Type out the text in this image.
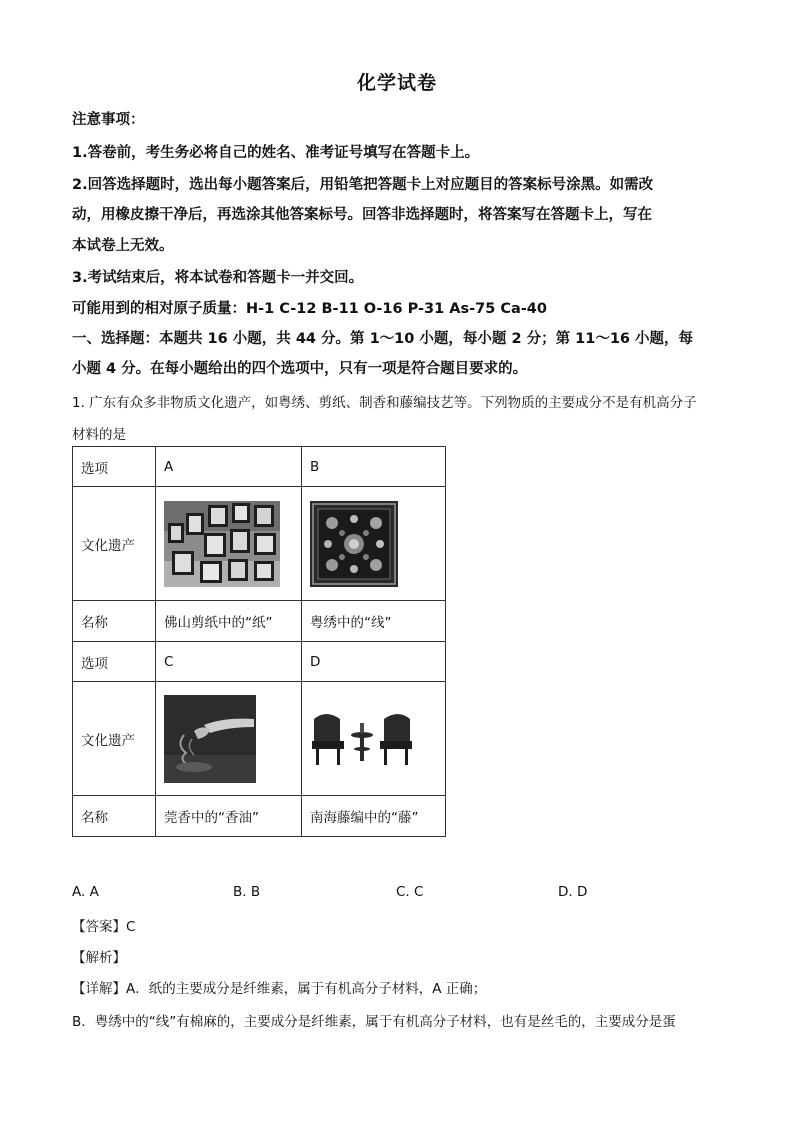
化学试卷
注意事项：
1.答卷前，考生务必将自己的姓名、准考证号填写在答题卡上。
2.回答选择题时，选出每小题答案后，用铅笔把答题卡上对应题目的答案标号涂黑。如需改
动，用橡皮擦干净后，再选涂其他答案标号。回答非选择题时，将答案写在答题卡上，写在
本试卷上无效。
3.考试结束后，将本试卷和答题卡一并交回。
可能用到的相对原子质量：H-1 C-12 B-11 O-16 P-31 As-75 Ca-40
一、选择题：本题共 16 小题，共 44 分。第 1～10 小题，每小题 2 分；第 11～16 小题，每
小题 4 分。在每小题给出的四个选项中，只有一项是符合题目要求的。
1. 广东有众多非物质文化遗产，如粤绣、剪纸、制香和藤编技艺等。下列物质的主要成分不是有机高分子
材料的是
选项	A	B
文化遗产	

名称	佛山剪纸中的“纸”	粤绣中的“线”
选项	C	D
文化遗产	

名称	莞香中的“香油”	南海藤编中的“藤”
A. A	B. B	C. C	D. D
【答案】C
【解析】
【详解】A．纸的主要成分是纤维素，属于有机高分子材料，A 正确；
B．粤绣中的“线”有棉麻的，主要成分是纤维素，属于有机高分子材料，也有是丝毛的，主要成分是蛋
